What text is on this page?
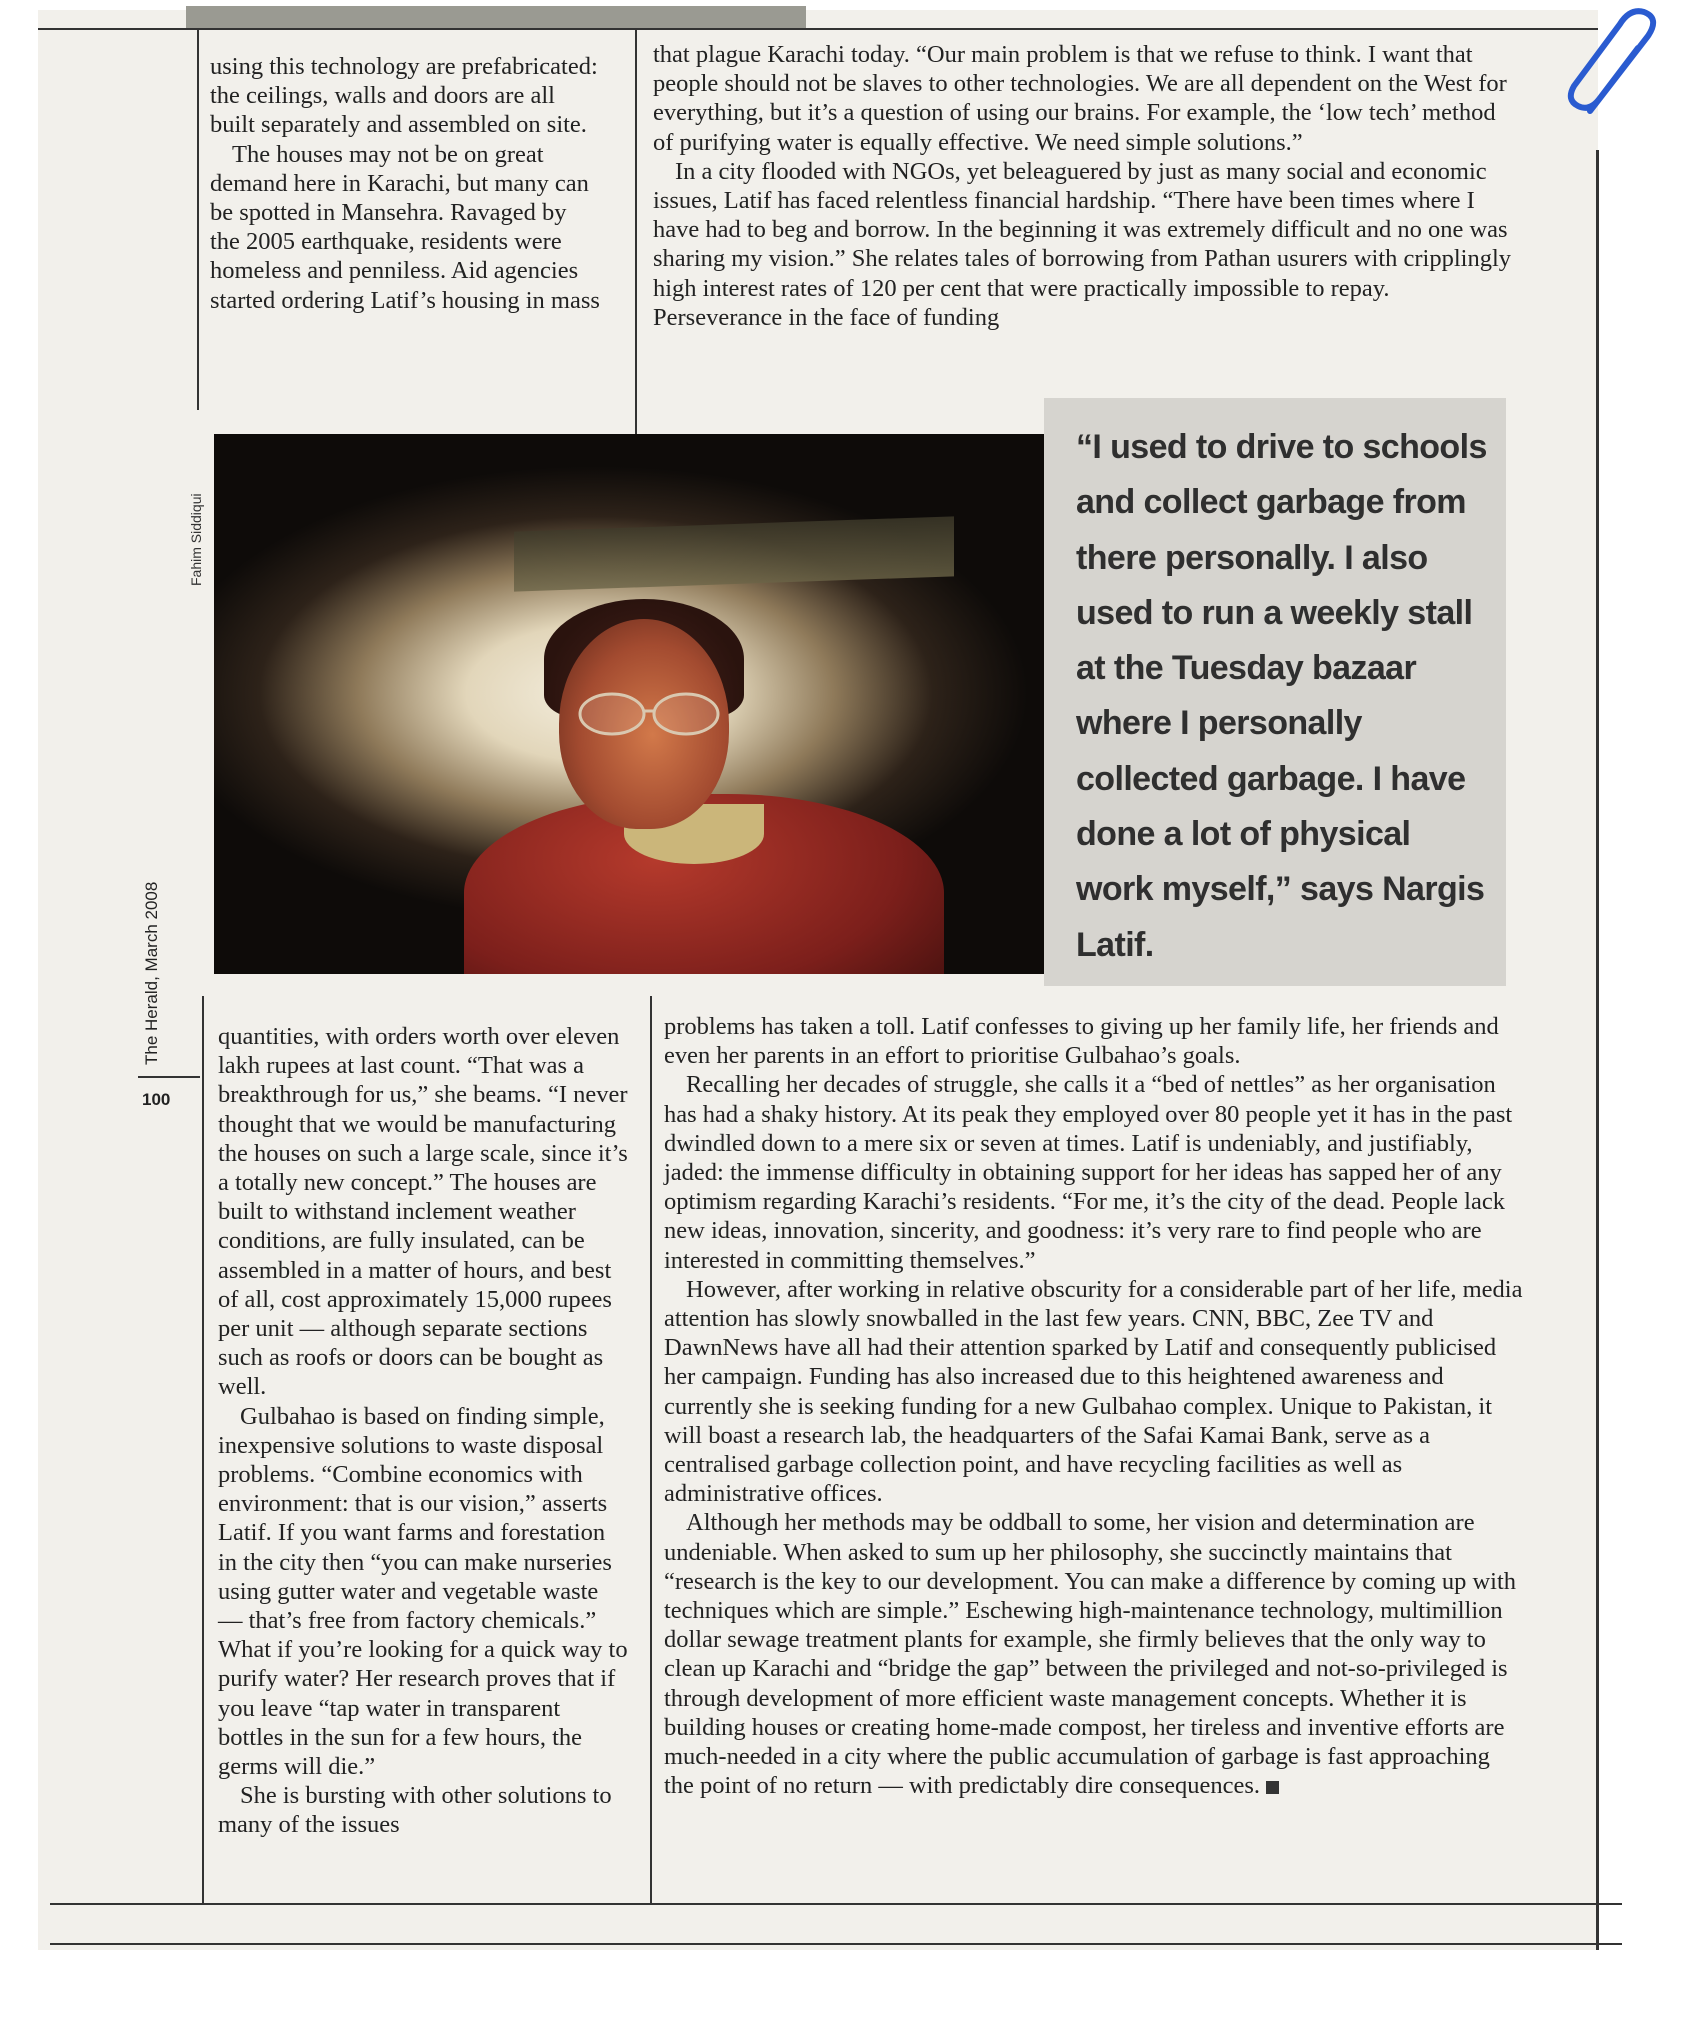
using this technology are prefabricated: the ceilings, walls and doors are all built separately and assembled on site.

The houses may not be on great demand here in Karachi, but many can be spotted in Mansehra. Ravaged by the 2005 earthquake, residents were homeless and penniless. Aid agencies started ordering Latif’s housing in mass

that plague Karachi today. “Our main problem is that we refuse to think. I want that people should not be slaves to other technologies. We are all dependent on the West for everything, but it’s a question of using our brains. For example, the ‘low tech’ method of purifying water is equally effective. We need simple solutions.”

In a city flooded with NGOs, yet beleaguered by just as many social and economic issues, Latif has faced relentless financial hardship. “There have been times where I have had to beg and borrow. In the beginning it was extremely difficult and no one was sharing my vision.” She relates tales of borrowing from Pathan usurers with cripplingly high interest rates of 120 per cent that were practically impossible to repay. Perseverance in the face of funding

Fahim Siddiqui
“I used to drive to schools and collect garbage from there personally. I also used to run a weekly stall at the Tuesday bazaar where I personally collected garbage. I have done a lot of physical work myself,” says Nargis Latif.
The Herald, March 2008
100

quantities, with orders worth over eleven lakh rupees at last count. “That was a breakthrough for us,” she beams. “I never thought that we would be manufacturing the houses on such a large scale, since it’s a totally new concept.” The houses are built to withstand inclement weather conditions, are fully insulated, can be assembled in a matter of hours, and best of all, cost approximately 15,000 rupees per unit — although separate sections such as roofs or doors can be bought as well.

Gulbahao is based on finding simple, inexpensive solutions to waste disposal problems. “Combine economics with environment: that is our vision,” asserts Latif. If you want farms and forestation in the city then “you can make nurseries using gutter water and vegetable waste — that’s free from factory chemicals.” What if you’re looking for a quick way to purify water? Her research proves that if you leave “tap water in transparent bottles in the sun for a few hours, the germs will die.”

She is bursting with other solutions to many of the issues

problems has taken a toll. Latif confesses to giving up her family life, her friends and even her parents in an effort to prioritise Gulbahao’s goals.

Recalling her decades of struggle, she calls it a “bed of nettles” as her organisation has had a shaky history. At its peak they employed over 80 people yet it has in the past dwindled down to a mere six or seven at times. Latif is undeniably, and justifiably, jaded: the immense difficulty in obtaining support for her ideas has sapped her of any optimism regarding Karachi’s residents. “For me, it’s the city of the dead. People lack new ideas, innovation, sincerity, and goodness: it’s very rare to find people who are interested in committing themselves.”

However, after working in relative obscurity for a considerable part of her life, media attention has slowly snowballed in the last few years. CNN, BBC, Zee TV and DawnNews have all had their attention sparked by Latif and consequently publicised her campaign. Funding has also increased due to this heightened awareness and currently she is seeking funding for a new Gulbahao complex. Unique to Pakistan, it will boast a research lab, the headquarters of the Safai Kamai Bank, serve as a centralised garbage collection point, and have recycling facilities as well as administrative offices.

Although her methods may be oddball to some, her vision and determination are undeniable. When asked to sum up her philosophy, she succinctly maintains that “research is the key to our development. You can make a difference by coming up with techniques which are simple.” Eschewing high-maintenance technology, multimillion dollar sewage treatment plants for example, she firmly believes that the only way to clean up Karachi and “bridge the gap” between the privileged and not-so-privileged is through development of more efficient waste management concepts. Whether it is building houses or creating home-made compost, her tireless and inventive efforts are much-needed in a city where the public accumulation of garbage is fast approaching the point of no return — with predictably dire consequences.
